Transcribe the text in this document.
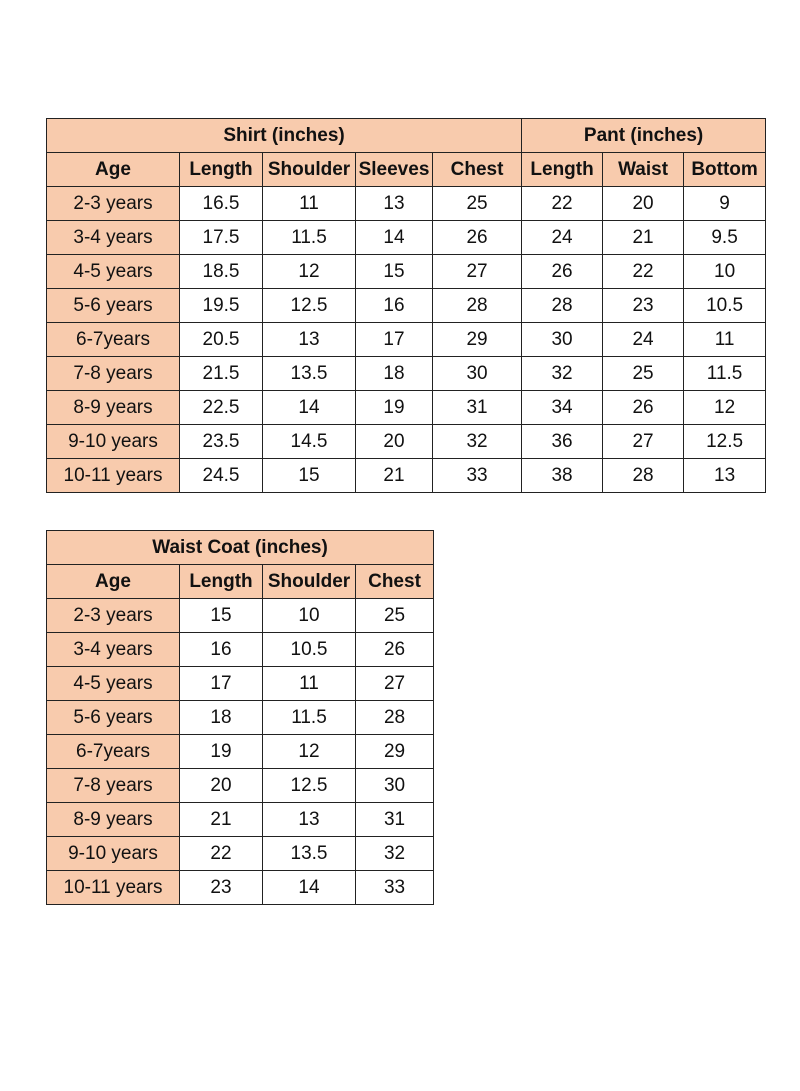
Shirt (inches)					Pant (inches)		
Age	Length	Shoulder	Sleeves	Chest	Length	Waist	Bottom
2-3 years	16.5	11	13	25	22	20	9
3-4 years	17.5	11.5	14	26	24	21	9.5
4-5 years	18.5	12	15	27	26	22	10
5-6 years	19.5	12.5	16	28	28	23	10.5
6-7years	20.5	13	17	29	30	24	11
7-8 years	21.5	13.5	18	30	32	25	11.5
8-9 years	22.5	14	19	31	34	26	12
9-10 years	23.5	14.5	20	32	36	27	12.5
10-11 years	24.5	15	21	33	38	28	13
Waist Coat (inches)			
Age	Length	Shoulder	Chest
2-3 years	15	10	25
3-4 years	16	10.5	26
4-5 years	17	11	27
5-6 years	18	11.5	28
6-7years	19	12	29
7-8 years	20	12.5	30
8-9 years	21	13	31
9-10 years	22	13.5	32
10-11 years	23	14	33
